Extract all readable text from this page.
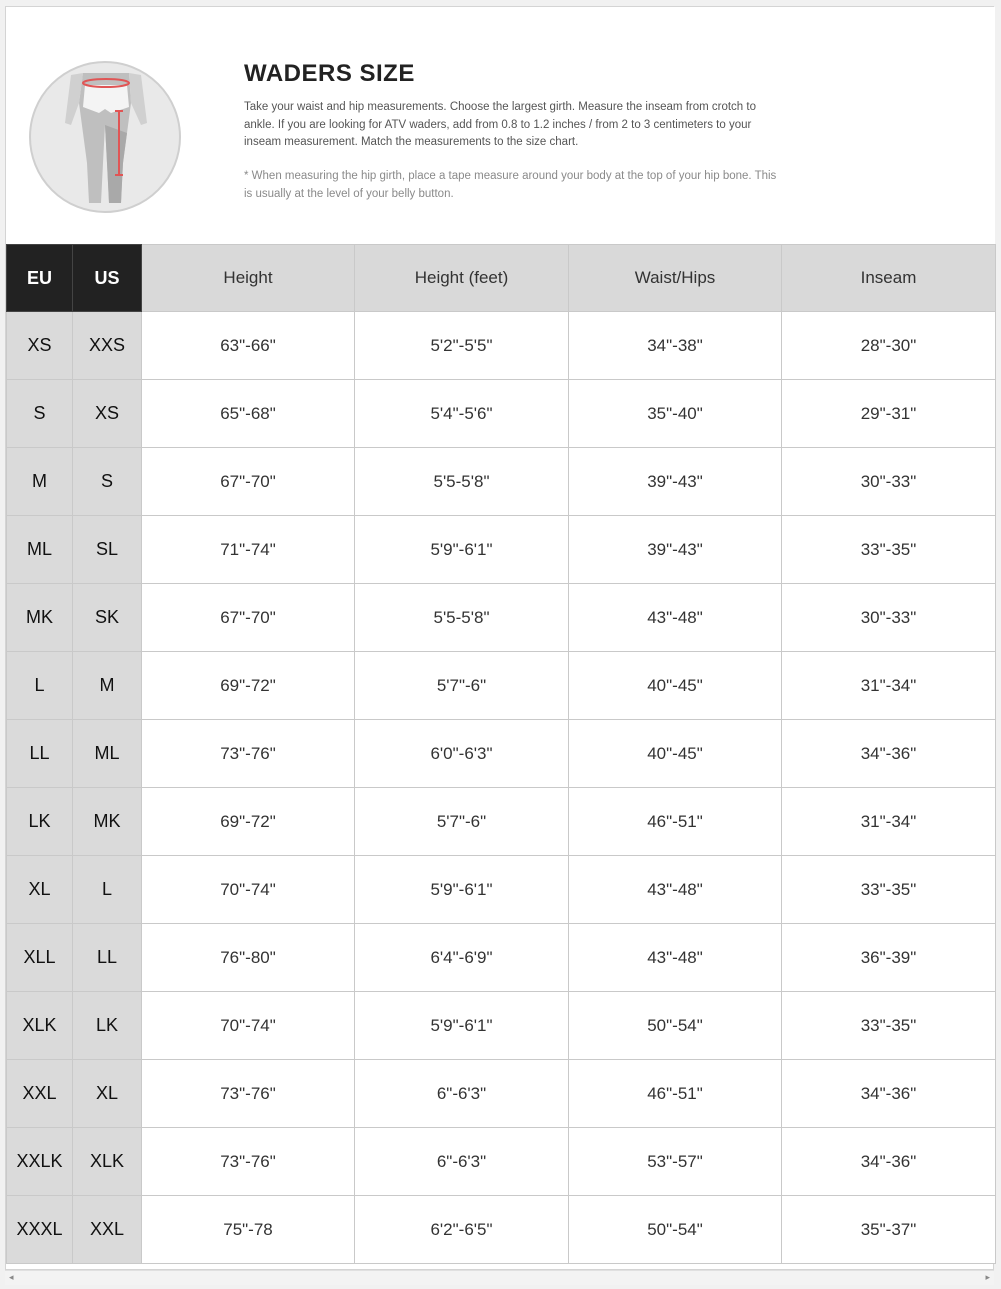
WADERS SIZE
Take your waist and hip measurements. Choose the largest girth. Measure the inseam from crotch to ankle. If you are looking for ATV waders, add from 0.8 to 1.2 inches / from 2 to 3 centimeters to your inseam measurement. Match the measurements to the size chart.
* When measuring the hip girth, place a tape measure around your body at the top of your hip bone. This is usually at the level of your belly button.
EU	US	Height	Height (feet)	Waist/Hips	Inseam
XS	XXS	63"-66"	5'2"-5'5"	34"-38"	28"-30"
S	XS	65"-68"	5'4"-5'6"	35"-40"	29"-31"
M	S	67"-70"	5'5-5'8"	39"-43"	30"-33"
ML	SL	71"-74"	5'9"-6'1"	39"-43"	33"-35"
MK	SK	67"-70"	5'5-5'8"	43"-48"	30"-33"
L	M	69"-72"	5'7"-6"	40"-45"	31"-34"
LL	ML	73"-76"	6'0"-6'3"	40"-45"	34"-36"
LK	MK	69"-72"	5'7"-6"	46"-51"	31"-34"
XL	L	70"-74"	5'9"-6'1"	43"-48"	33"-35"
XLL	LL	76"-80"	6'4"-6'9"	43"-48"	36"-39"
XLK	LK	70"-74"	5'9"-6'1"	50"-54"	33"-35"
XXL	XL	73"-76"	6"-6'3"	46"-51"	34"-36"
XXLK	XLK	73"-76"	6"-6'3"	53"-57"	34"-36"
XXXL	XXL	75"-78	6'2"-6'5"	50"-54"	35"-37"
◂	▸
